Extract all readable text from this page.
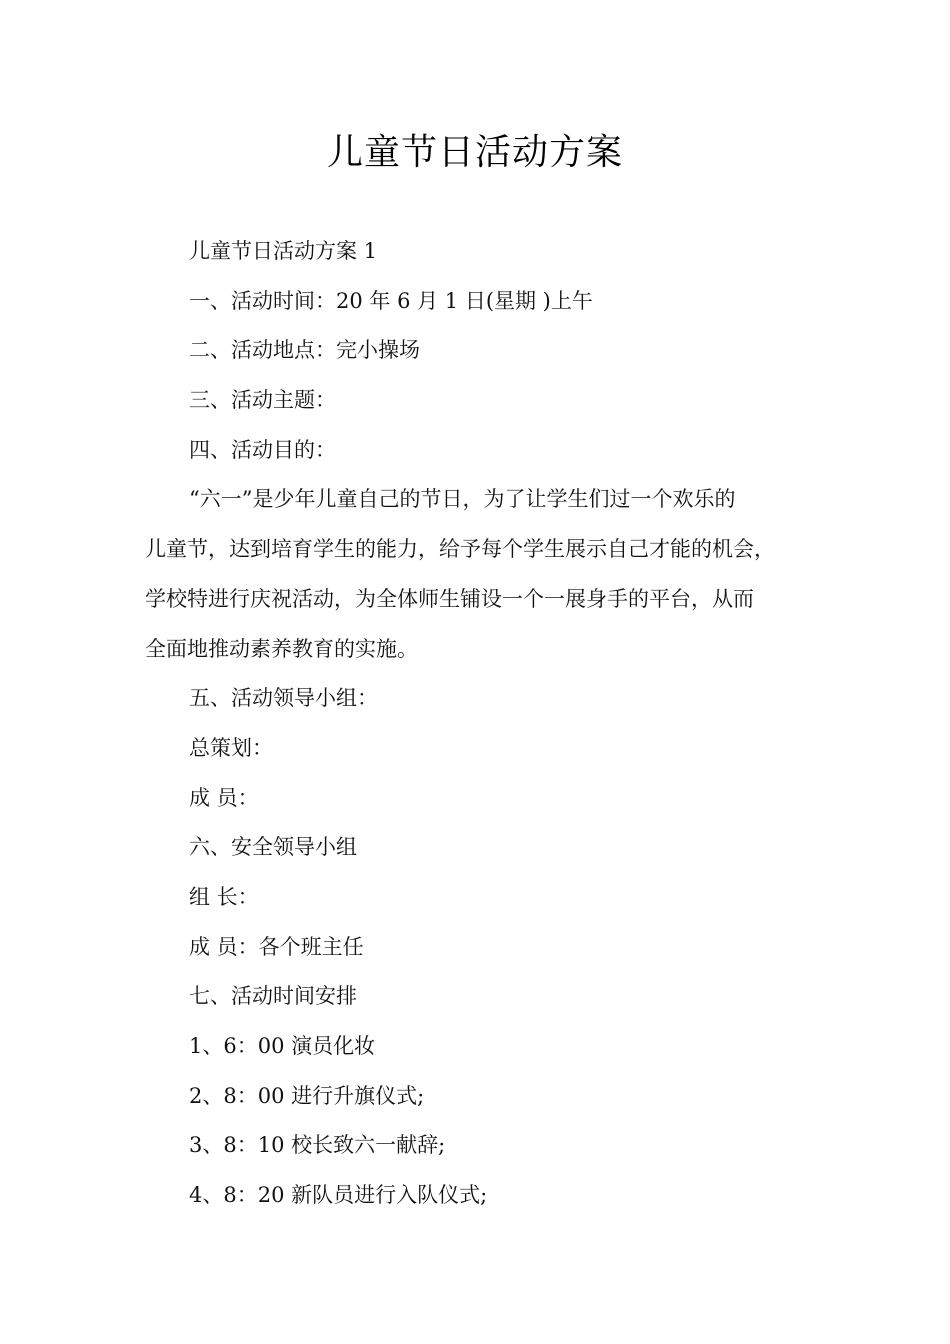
儿童节日活动方案
儿童节日活动方案 1
一、活动时间：20 年 6 月 1 日(星期 )上午
二、活动地点：完小操场
三、活动主题：
四、活动目的：
“六一”是少年儿童自己的节日，为了让学生们过一个欢乐的
儿童节，达到培育学生的能力，给予每个学生展示自己才能的机会，
学校特进行庆祝活动，为全体师生铺设一个一展身手的平台，从而
全面地推动素养教育的实施。
五、活动领导小组：
总策划：
成 员：
六、安全领导小组
组 长：
成 员：各个班主任
七、活动时间安排
1、6：00 演员化妆
2、8：00 进行升旗仪式;
3、8：10 校长致六一献辞;
4、8：20 新队员进行入队仪式;
